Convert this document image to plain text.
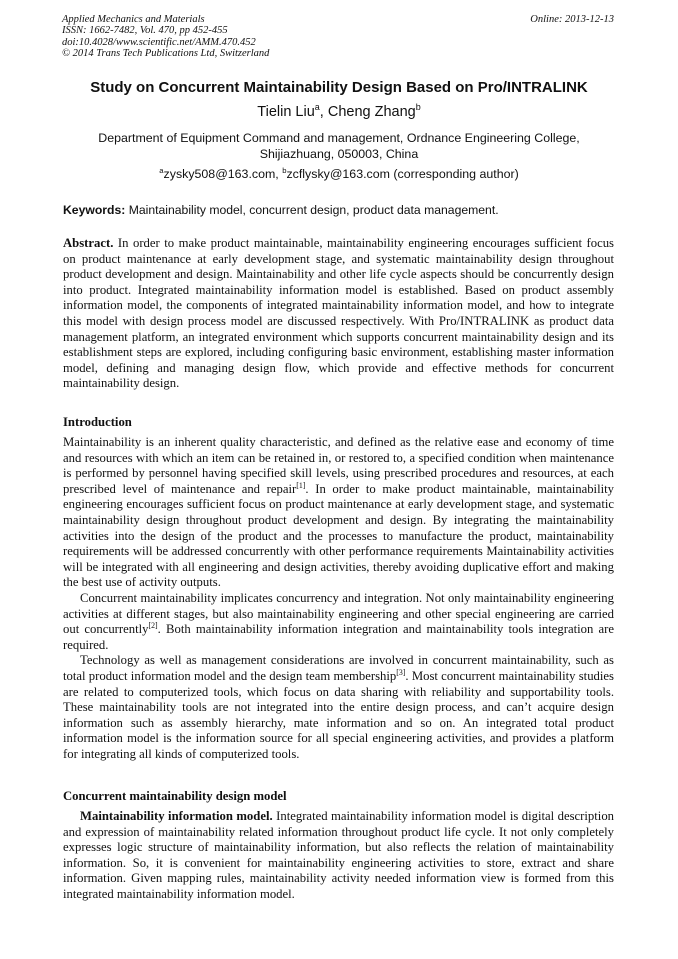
Applied Mechanics and Materials
ISSN: 1662-7482, Vol. 470, pp 452-455
doi:10.4028/www.scientific.net/AMM.470.452
© 2014 Trans Tech Publications Ltd, Switzerland
Online: 2013-12-13
Study on Concurrent Maintainability Design Based on Pro/INTRALINK
Tielin Liu$^a$, Cheng Zhang$^b$
Department of Equipment Command and management, Ordnance Engineering College, Shijiazhuang, 050003, China
$^a$zysky508@163.com, $^b$zcflysky@163.com (corresponding author)
Keywords: Maintainability model, concurrent design, product data management.
Abstract. In order to make product maintainable, maintainability engineering encourages sufficient focus on product maintenance at early development stage, and systematic maintainability design throughout product development and design. Maintainability and other life cycle aspects should be concurrently design into product. Integrated maintainability information model is established. Based on product assembly information model, the components of integrated maintainability information model, and how to integrate this model with design process model are discussed respectively. With Pro/INTRALINK as product data management platform, an integrated environment which supports concurrent maintainability design and its establishment steps are explored, including configuring basic environment, establishing master information model, defining and managing design flow, which provide and effective methods for concurrent maintainability design.
Introduction

Maintainability is an inherent quality characteristic, and defined as the relative ease and economy of time and resources with which an item can be retained in, or restored to, a specified condition when maintenance is performed by personnel having specified skill levels, using prescribed procedures and resources, at each prescribed level of maintenance and repair[1]. In order to make product maintainable, maintainability engineering encourages sufficient focus on product maintenance at early development stage, and systematic maintainability design throughout product development and design. By integrating the maintainability activities into the design of the product and the processes to manufacture the product, maintainability requirements will be addressed concurrently with other performance requirements Maintainability activities will be integrated with all engineering and design activities, thereby avoiding duplicative effort and making the best use of activity outputs.

Concurrent maintainability implicates concurrency and integration. Not only maintainability engineering activities at different stages, but also maintainability engineering and other special engineering are carried out concurrently[2]. Both maintainability information integration and maintainability tools integration are required.

Technology as well as management considerations are involved in concurrent maintainability, such as total product information model and the design team membership[3]. Most concurrent maintainability studies are related to computerized tools, which focus on data sharing with reliability and supportability tools. These maintainability tools are not integrated into the entire design process, and can’t acquire design information such as assembly hierarchy, mate information and so on. An integrated total product information model is the information source for all special engineering activities, and provides a platform for integrating all kinds of computerized tools.

Concurrent maintainability design model

Maintainability information model. Integrated maintainability information model is digital description and expression of maintainability related information throughout product life cycle. It not only completely expresses logic structure of maintainability information, but also reflects the relation of maintainability information. So, it is convenient for maintainability engineering activities to store, extract and share information. Given mapping rules, maintainability activity needed information view is formed from this integrated maintainability information model.
